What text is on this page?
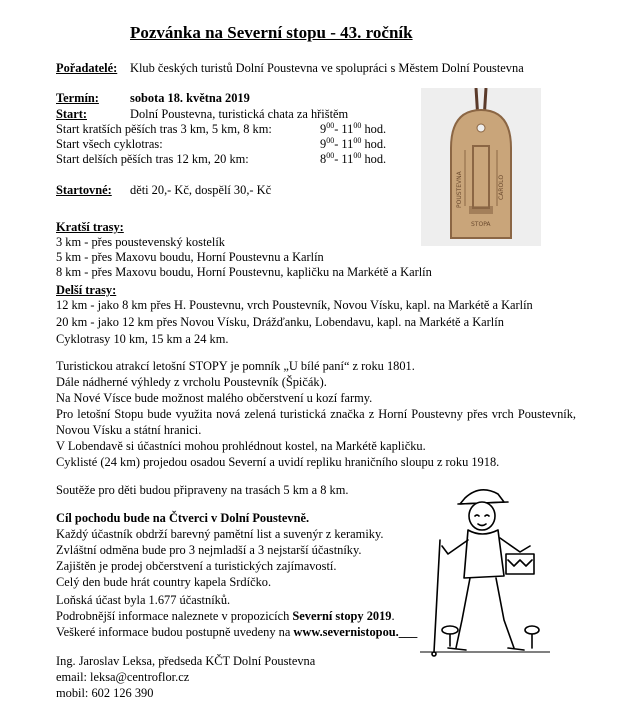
Pozvánka na Severní stopu - 43. ročník
Pořadatelé: Klub českých turistů Dolní Poustevna ve spolupráci s Městem Dolní Poustevna
Termín:	sobota 18. května 2019
Start:	Dolní Poustevna, turistická chata za hřištěm
Start kratších pěších tras 3 km, 5 km, 8 km:	$9^{00}-$ $11^{00}$ hod.
Start všech cyklotras:	$9^{00}-$ $11^{00}$ hod.
Start delších pěších tras 12 km, 20 km:	$8^{00}-$ $11^{00}$ hod.
Startovné: děti 20,- Kč, dospělí 30,- Kč	POUSTEVNA	CAROLO
STOPA
Kratší trasy:
3 km - přes poustevenský kostelík
5 km - přes Maxovu boudu, Horní Poustevnu a Karlín
8 km - přes Maxovu boudu, Horní Poustevnu, kapličku na Markétě a Karlín
Delší trasy:
12 km - jako 8 km přes H. Poustevnu, vrch Poustevník, Novou Vísku, kapl. na Markétě a Karlín
20 km - jako 12 km přes Novou Vísku, Drážďanku, Lobendavu, kapl. na Markétě a Karlín
Cyklotrasy 10 km, 15 km a 24 km.
Turistickou atrakcí letošní STOPY je pomník „U bílé paní“ z roku 1801.
Dále nádherné výhledy z vrcholu Poustevník (Špičák).
Na Nové Vísce bude možnost malého občerstvení u kozí farmy.
Pro letošní Stopu bude využita nová zelená turistická značka z Horní Poustevny přes vrch Poustevník, Novou Vísku a státní hranici.
V Lobendavě si účastníci mohou prohlédnout kostel, na Markétě kapličku.
Cyklisté (24 km) projedou osadou Severní a uvidí repliku hraničního sloupu z roku 1918.
Soutěže pro děti budou připraveny na trasách 5 km a 8 km.
Cíl pochodu bude na Čtverci v Dolní Poustevně.
Každý účastník obdrží barevný pamětní list a suvenýr z keramiky.
Zvláštní odměna bude pro 3 nejmladší a 3 nejstarší účastníky.
Zajištěn je prodej občerstvení a turistických zajímavostí.
Celý den bude hrát country kapela Srdíčko.
Loňská účast byla 1.677 účastníků.
Podrobnější informace naleznete v propozicích Severní stopy 2019.
Veškeré informace budou postupně uvedeny na www.severnistopou.___
Ing. Jaroslav Leksa, předseda KČT Dolní Poustevna
email: leksa@centroflor.cz
mobil: 602 126 390
